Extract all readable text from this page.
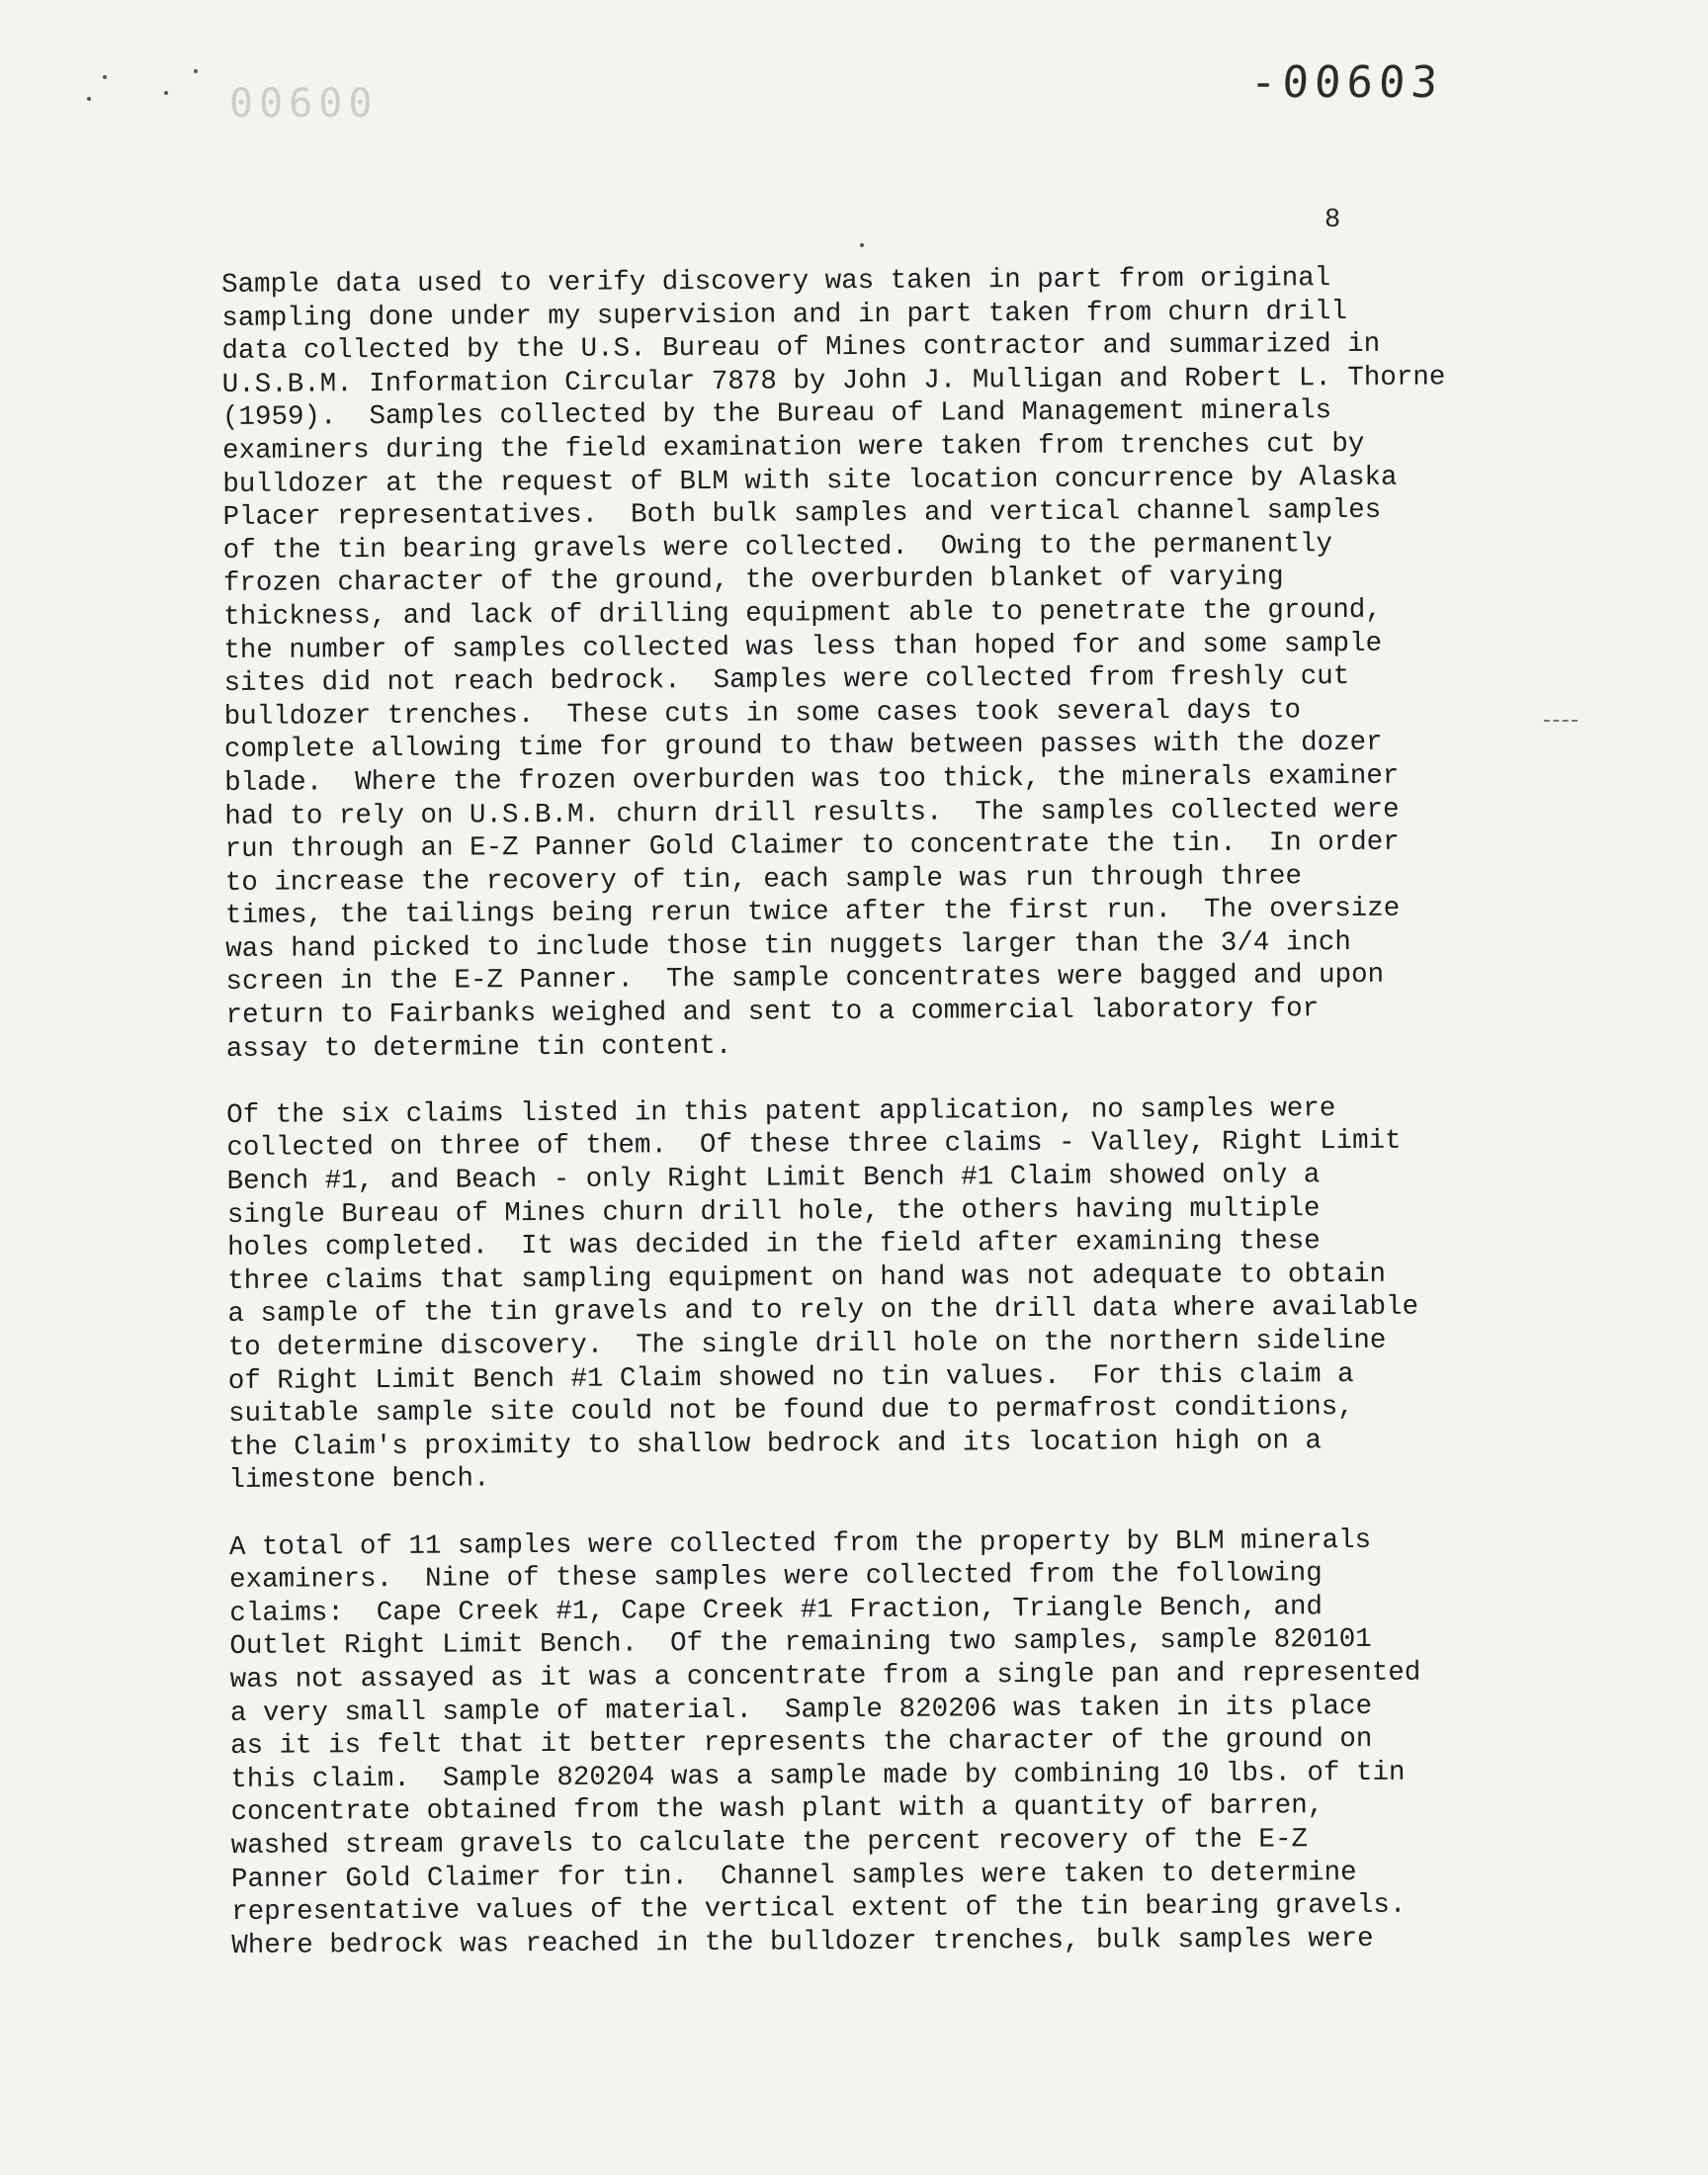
00600	-00603
8
Sample data used to verify discovery was taken in part from original
sampling done under my supervision and in part taken from churn drill
data collected by the U.S. Bureau of Mines contractor and summarized in
U.S.B.M. Information Circular 7878 by John J. Mulligan and Robert L. Thorne
(1959).  Samples collected by the Bureau of Land Management minerals
examiners during the field examination were taken from trenches cut by
bulldozer at the request of BLM with site location concurrence by Alaska
Placer representatives.  Both bulk samples and vertical channel samples
of the tin bearing gravels were collected.  Owing to the permanently
frozen character of the ground, the overburden blanket of varying
thickness, and lack of drilling equipment able to penetrate the ground,
the number of samples collected was less than hoped for and some sample
sites did not reach bedrock.  Samples were collected from freshly cut
bulldozer trenches.  These cuts in some cases took several days to
complete allowing time for ground to thaw between passes with the dozer
blade.  Where the frozen overburden was too thick, the minerals examiner
had to rely on U.S.B.M. churn drill results.  The samples collected were
run through an E-Z Panner Gold Claimer to concentrate the tin.  In order
to increase the recovery of tin, each sample was run through three
times, the tailings being rerun twice after the first run.  The oversize
was hand picked to include those tin nuggets larger than the 3/4 inch
screen in the E-Z Panner.  The sample concentrates were bagged and upon
return to Fairbanks weighed and sent to a commercial laboratory for
assay to determine tin content.
Of the six claims listed in this patent application, no samples were
collected on three of them.  Of these three claims - Valley, Right Limit
Bench #1, and Beach - only Right Limit Bench #1 Claim showed only a
single Bureau of Mines churn drill hole, the others having multiple
holes completed.  It was decided in the field after examining these
three claims that sampling equipment on hand was not adequate to obtain
a sample of the tin gravels and to rely on the drill data where available
to determine discovery.  The single drill hole on the northern sideline
of Right Limit Bench #1 Claim showed no tin values.  For this claim a
suitable sample site could not be found due to permafrost conditions,
the Claim's proximity to shallow bedrock and its location high on a
limestone bench.
A total of 11 samples were collected from the property by BLM minerals
examiners.  Nine of these samples were collected from the following
claims:  Cape Creek #1, Cape Creek #1 Fraction, Triangle Bench, and
Outlet Right Limit Bench.  Of the remaining two samples, sample 820101
was not assayed as it was a concentrate from a single pan and represented
a very small sample of material.  Sample 820206 was taken in its place
as it is felt that it better represents the character of the ground on
this claim.  Sample 820204 was a sample made by combining 10 lbs. of tin
concentrate obtained from the wash plant with a quantity of barren,
washed stream gravels to calculate the percent recovery of the E-Z
Panner Gold Claimer for tin.  Channel samples were taken to determine
representative values of the vertical extent of the tin bearing gravels.
Where bedrock was reached in the bulldozer trenches, bulk samples were
